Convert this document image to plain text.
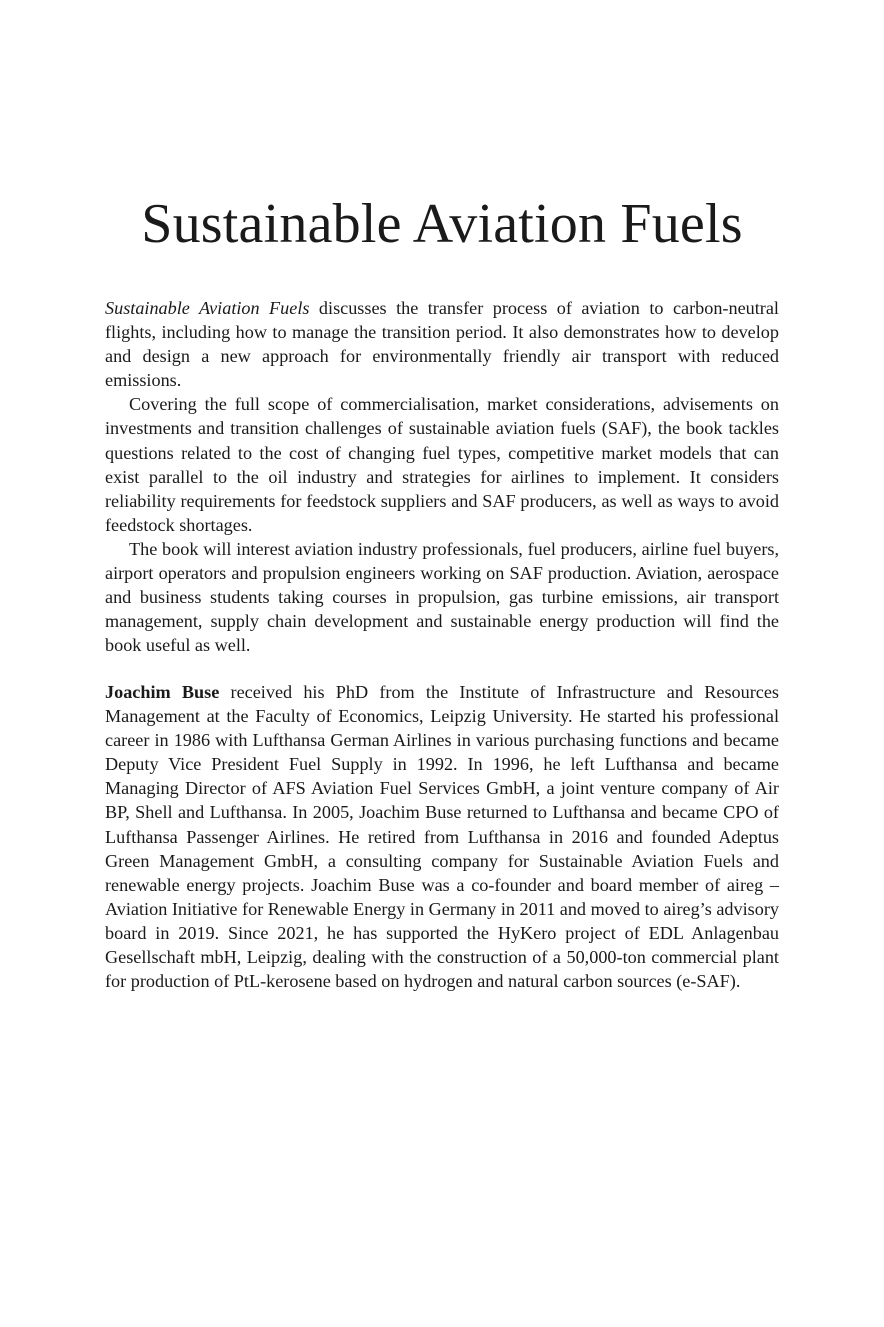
Sustainable Aviation Fuels

Sustainable Aviation Fuels discusses the transfer process of aviation to carbon-neutral flights, including how to manage the transition period. It also demonstrates how to develop and design a new approach for environmentally friendly air transport with reduced emissions.

Covering the full scope of commercialisation, market considerations, advisements on investments and transition challenges of sustainable aviation fuels (SAF), the book tackles questions related to the cost of changing fuel types, competitive market models that can exist parallel to the oil industry and strategies for airlines to implement. It considers reliability requirements for feedstock suppliers and SAF producers, as well as ways to avoid feedstock shortages.

The book will interest aviation industry professionals, fuel producers, airline fuel buyers, airport operators and propulsion engineers working on SAF production. Aviation, aerospace and business students taking courses in propulsion, gas turbine emissions, air transport management, supply chain development and sustainable energy production will find the book useful as well.

Joachim Buse received his PhD from the Institute of Infrastructure and Resources Management at the Faculty of Economics, Leipzig University. He started his professional career in 1986 with Lufthansa German Airlines in various purchasing functions and became Deputy Vice President Fuel Supply in 1992. In 1996, he left Lufthansa and became Managing Director of AFS Aviation Fuel Services GmbH, a joint venture company of Air BP, Shell and Lufthansa. In 2005, Joachim Buse returned to Lufthansa and became CPO of Lufthansa Passenger Airlines. He retired from Lufthansa in 2016 and founded Adeptus Green Management GmbH, a consulting company for Sustainable Aviation Fuels and renewable energy projects. Joachim Buse was a co-founder and board member of aireg – Aviation Initiative for Renewable Energy in Germany in 2011 and moved to aireg’s advisory board in 2019. Since 2021, he has supported the HyKero project of EDL Anlagenbau Gesellschaft mbH, Leipzig, dealing with the construction of a 50,000-ton commercial plant for production of PtL-kerosene based on hydrogen and natural carbon sources (e-SAF).
